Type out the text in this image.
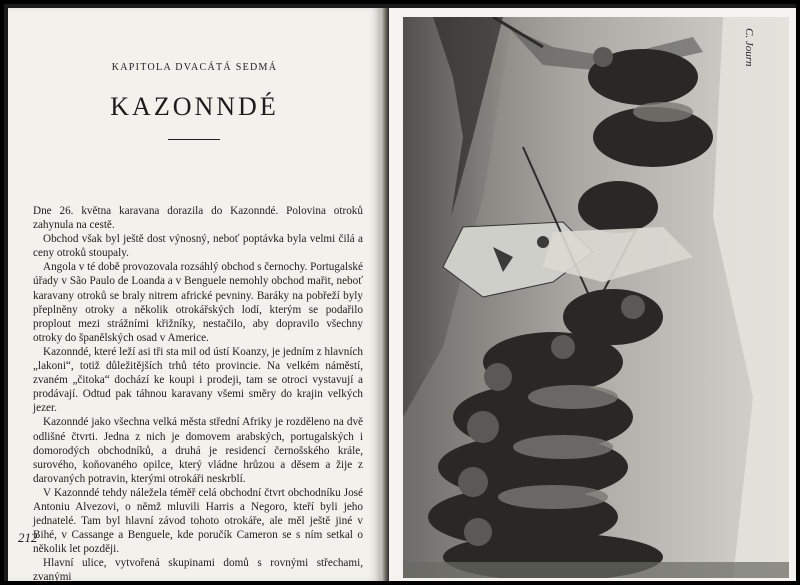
KAPITOLA DVACÁTÁ SEDMÁ
KAZONNDÉ

Dne 26. května karavana dorazila do Kazonndé. Polovina otroků zahynula na cestě.

Obchod však byl ještě dost výnosný, neboť poptávka byla velmi čilá a ceny otroků stoupaly.

Angola v té době provozovala rozsáhlý obchod s černochy. Portugalské úřady v São Paulo de Loanda a v Benguele nemohly obchod mařit, neboť karavany otroků se braly nitrem africké pevniny. Baráky na pobřeží byly přeplněny otroky a několik otrokářských lodí, kterým se podařilo proplout mezi strážními křižníky, nestačilo, aby dopravilo všechny otroky do španělských osad v Americe.

Kazonndé, které leží asi tři sta mil od ústí Koanzy, je jedním z hlavních „lakoni“, totiž důležitějších trhů této provincie. Na velkém náměstí, zvaném „čitoka“ dochází ke koupi i prodeji, tam se otroci vystavují a prodávají. Odtud pak táhnou karavany všemi směry do krajin velkých jezer.

Kazonndé jako všechna velká města střední Afriky je rozděleno na dvě odlišné čtvrti. Jedna z nich je domovem arabských, portugalských i domorodých obchodníků, a druhá je residencí černošského krále, surového, koňovaného opilce, který vládne hrůzou a děsem a žije z darovaných potravin, kterými otrokáři neskrblí.

V Kazonndé tehdy náležela téměř celá obchodní čtvrt obchodníku José Antoniu Alvezovi, o němž mluvili Harris a Negoro, kteří byli jeho jednatelé. Tam byl hlavní závod tohoto otrokáře, ale měl ještě jiné v Bihé, v Cassange a Benguele, kde poručík Cameron se s ním setkal o několik let později.

Hlavní ulice, vytvořená skupinami domů s rovnými střechami, zvanými

212
C. Journ
